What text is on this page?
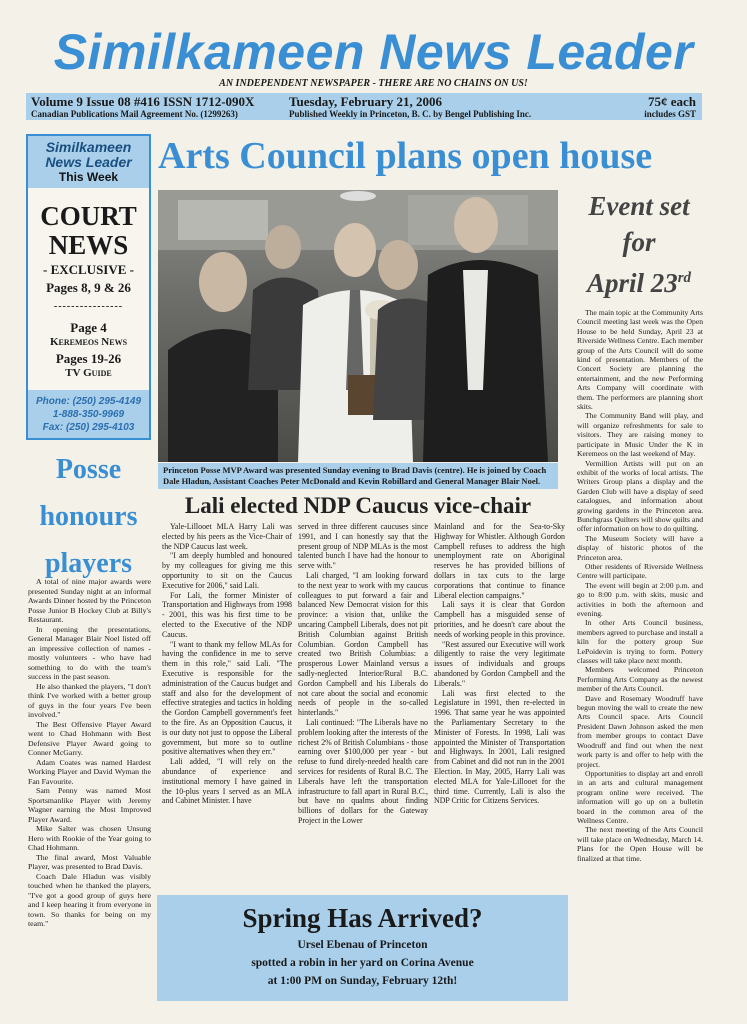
Similkameen News Leader
AN INDEPENDENT NEWSPAPER - THERE ARE NO CHAINS ON US!
Volume 9 Issue 08 #416 ISSN 1712-090X
Canadian Publications Mail Agreement No. (1299263)
Tuesday, February 21, 2006
Published Weekly in Princeton, B. C. by Bengel Publishing Inc.
75¢ each
includes GST
Similkameen
News Leader
This Week
COURT
NEWS
- EXCLUSIVE -
Pages 8, 9 & 26
----------------
Page 4
Keremeos News
Pages 19-26
TV Guide
Phone: (250) 295-4149
1-888-350-9969
Fax: (250) 295-4103
Arts Council plans open house
Princeton Posse MVP Award was presented Sunday evening to Brad Davis (centre). He is joined by Coach Dale Hladun, Assistant Coaches Peter McDonald and Kevin Robillard and General Manager Blair Noel.
Event set
for
April 23rd

The main topic at the Community Arts Council meeting last week was the Open House to be held Sunday, April 23 at Riverside Wellness Centre. Each member group of the Arts Council will do some kind of presentation. Members of the Concert Society are planning the entertainment, and the new Performing Arts Company will coordinate with them. The performers are planning short skits.

The Community Band will play, and will organize refreshments for sale to visitors. They are raising money to participate in Music Under the K in Keremeos on the last weekend of May.

Vermillion Artists will put on an exhibit of the works of local artists. The Writers Group plans a display and the Garden Club will have a display of seed catalogues, and information about growing gardens in the Princeton area. Bunchgrass Quilters will show quilts and offer information on how to do quilting.

The Museum Society will have a display of historic photos of the Princeton area.

Other residents of Riverside Wellness Centre will participate.

The event will begin at 2:00 p.m. and go to 8:00 p.m. with skits, music and activities in both the afternoon and evening.

In other Arts Council business, members agreed to purchase and install a kiln for the pottery group Sue LePoidevin is trying to form. Pottery classes will take place next month.

Members welcomed Princeton Performing Arts Company as the newest member of the Arts Council.

Dave and Rosemary Woodruff have begun moving the wall to create the new Arts Council space. Arts Council President Dawn Johnson asked the men from member groups to contact Dave Woodruff and find out when the next work party is and offer to help with the project.

Opportunities to display art and enroll in an arts and cultural management program online were received. The information will go up on a bulletin board in the common area of the Wellness Centre.

The next meeting of the Arts Council will take place on Wednesday, March 14. Plans for the Open House will be finalized at that time.

Posse
honours
players

A total of nine major awards were presented Sunday night at an informal Awards Dinner hosted by the Princeton Posse Junior B Hockey Club at Billy's Restaurant.

In opening the presentations, General Manager Blair Noel listed off an impressive collection of names - mostly volunteers - who have had something to do with the team's success in the past season.

He also thanked the players, "I don't think I've worked with a better group of guys in the four years I've been involved."

The Best Offensive Player Award went to Chad Hohmann with Best Defensive Player Award going to Conner McGarry.

Adam Coates was named Hardest Working Player and David Wyman the Fan Favourite.

Sam Penny was named Most Sportsmanlike Player with Jeremy Wagner earning the Most Improved Player Award.

Mike Salter was chosen Unsung Hero with Rookie of the Year going to Chad Hohmann.

The final award, Most Valuable Player, was presented to Brad Davis.

Coach Dale Hladun was visibly touched when he thanked the players, "I've got a good group of guys here and I keep hearing it from everyone in town. So thanks for being on my team."

Lali elected NDP Caucus vice-chair

Yale-Lillooet MLA Harry Lali was elected by his peers as the Vice-Chair of the NDP Caucus last week.

"I am deeply humbled and honoured by my colleagues for giving me this opportunity to sit on the Caucus Executive for 2006," said Lali.

For Lali, the former Minister of Transportation and Highways from 1998 - 2001, this was his first time to be elected to the Executive of the NDP Caucus.

"I want to thank my fellow MLAs for having the confidence in me to serve them in this role," said Lali. "The Executive is responsible for the administration of the Caucus budget and staff and also for the development of effective strategies and tactics in holding the Gordon Campbell government's feet to the fire. As an Opposition Caucus, it is our duty not just to oppose the Liberal government, but more so to outline positive alternatives when they err."

Lali added, "I will rely on the abundance of experience and institutional memory I have gained in the 10-plus years I served as an MLA and Cabinet Minister. I have

served in three different caucuses since 1991, and I can honestly say that the present group of NDP MLAs is the most talented bunch I have had the honour to serve with."

Lali charged, "I am looking forward to the next year to work with my caucus colleagues to put forward a fair and balanced New Democrat vision for this province: a vision that, unlike the uncaring Campbell Liberals, does not pit British Columbian against British Columbian. Gordon Campbell has created two British Columbias: a prosperous Lower Mainland versus a sadly-neglected Interior/Rural B.C. Gordon Campbell and his Liberals do not care about the social and economic needs of people in the so-called hinterlands."

Lali continued: "The Liberals have no problem looking after the interests of the richest 2% of British Columbians - those earning over $100,000 per year - but refuse to fund direly-needed health care services for residents of Rural B.C. The Liberals have left the transportation infrastructure to fall apart in Rural B.C., but have no qualms about finding billions of dollars for the Gateway Project in the Lower

Mainland and for the Sea-to-Sky Highway for Whistler. Although Gordon Campbell refuses to address the high unemployment rate on Aboriginal reserves he has provided billions of dollars in tax cuts to the large corporations that continue to finance Liberal election campaigns."

Lali says it is clear that Gordon Campbell has a misguided sense of priorities, and he doesn't care about the needs of working people in this province.

"Rest assured our Executive will work diligently to raise the very legitimate issues of individuals and groups abandoned by Gordon Campbell and the Liberals."

Lali was first elected to the Legislature in 1991, then re-elected in 1996. That same year he was appointed the Parliamentary Secretary to the Minister of Forests. In 1998, Lali was appointed the Minister of Transportation and Highways. In 2001, Lali resigned from Cabinet and did not run in the 2001 Election. In May, 2005, Harry Lali was elected MLA for Yale-Lillooet for the third time. Currently, Lali is also the NDP Critic for Citizens Services.

Spring Has Arrived?
Ursel Ebenau of Princeton
spotted a robin in her yard on Corina Avenue
at 1:00 PM on Sunday, February 12th!
